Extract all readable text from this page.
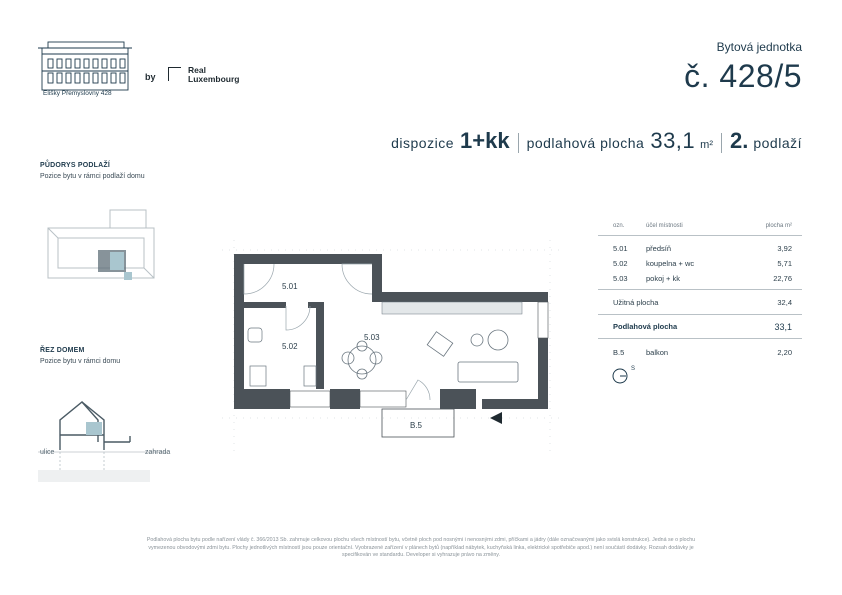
Elišky Přemyslovny 428
by
Real
Luxembourg
Bytová jednotka
č. 428/5
dispozice 1+kk podlahová plocha 33,1 m² 2. podlaží
PŮDORYS PODLAŽÍ
Pozice bytu v rámci podlaží domu
ŘEZ DOMEM
Pozice bytu v rámci domu
ulice	zahrada
5.01
5.02
5.03
B.5
ozn.	účel místnosti	plocha m²
5.01 předsíň	3,92
5.02 koupelna + wc	5,71
5.03 pokoj + kk	22,76
Užitná plocha	32,4
Podlahová plocha	33,1
B.5	balkon	2,20
S
Podlahová plocha bytu podle nařízení vlády č. 366/2013 Sb. zahrnuje celkovou plochu všech místností bytu, včetně ploch pod nosnými i nenosnými zdmi, příčkami a jádry (dále označovanými jako svislá konstrukce). Jedná se o plochu
vymezenou obvodovými zdmi bytu. Plochy jednotlivých místností jsou pouze orientační. Vyobrazené zařízení v plánech bytů (například nábytek, kuchyňská linka, elektrické spotřebiče apod.) není součástí dodávky. Rozsah dodávky je
specifikován ve standardu. Developer si vyhrazuje právo na změny.
